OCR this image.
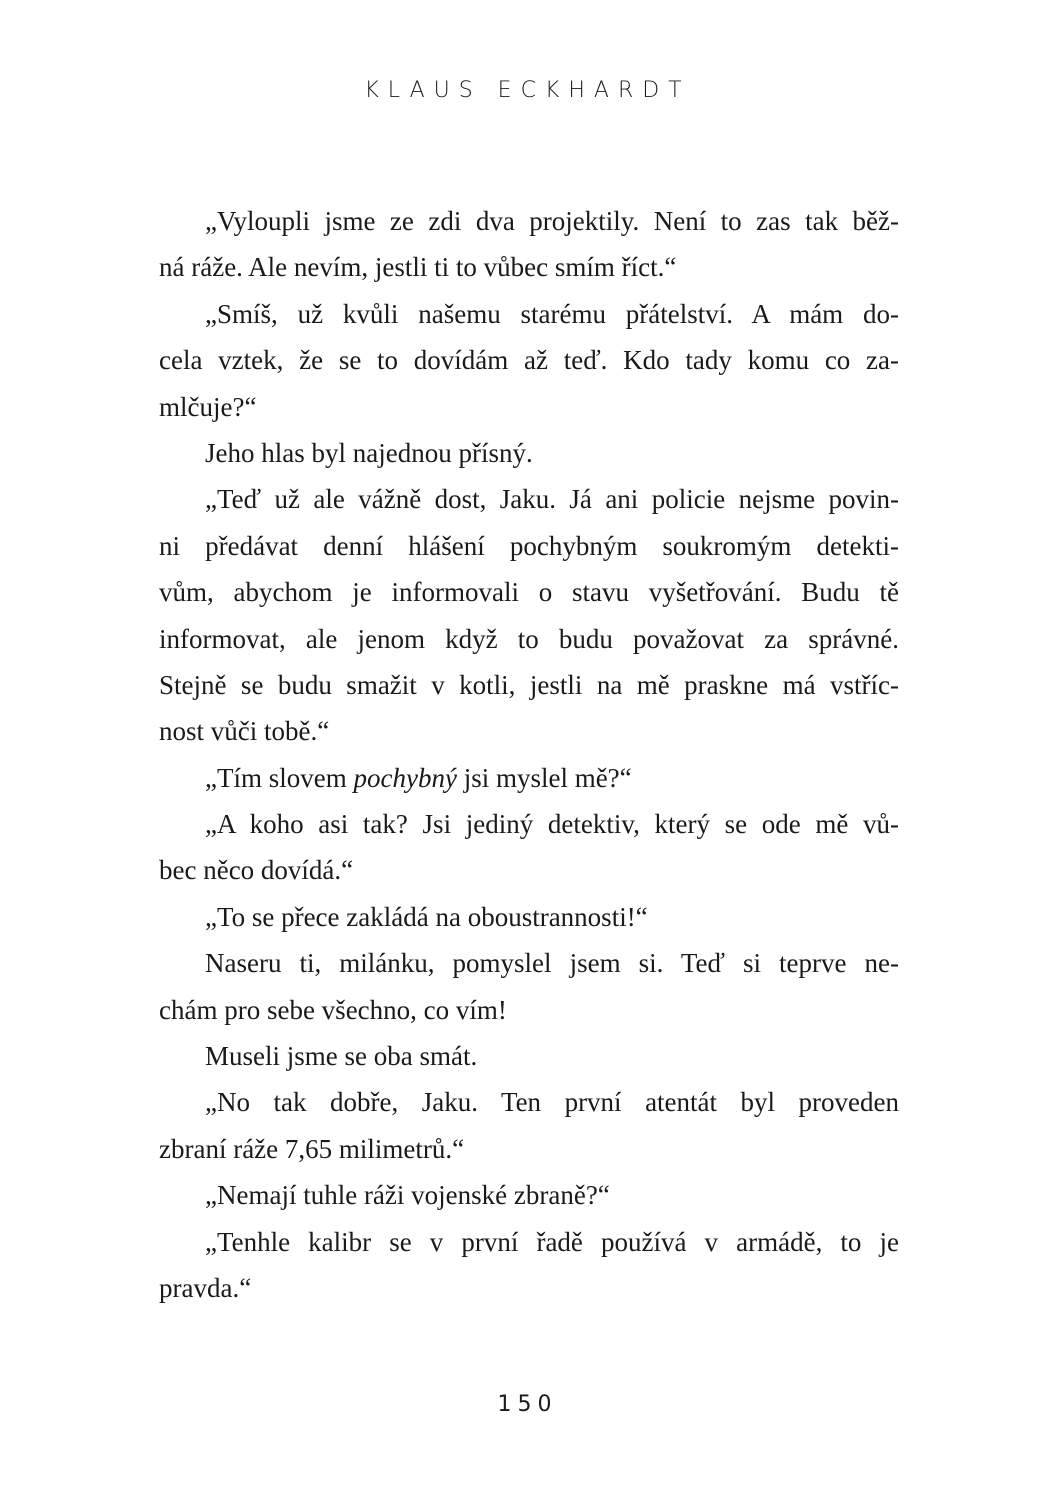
KLAUS ECKHARDT
„Vyloupli jsme ze zdi dva projektily. Není to zas tak běž-
ná ráže. Ale nevím, jestli ti to vůbec smím říct.“
„Smíš, už kvůli našemu starému přátelství. A mám do-
cela vztek, že se to dovídám až teď. Kdo tady komu co za-
mlčuje?“
Jeho hlas byl najednou přísný.
„Teď už ale vážně dost, Jaku. Já ani policie nejsme povin-
ni předávat denní hlášení pochybným soukromým detekti-
vům, abychom je informovali o stavu vyšetřování. Budu tě
informovat, ale jenom když to budu považovat za správné.
Stejně se budu smažit v kotli, jestli na mě praskne má vstříc-
nost vůči tobě.“
„Tím slovem pochybný jsi myslel mě?“
„A koho asi tak? Jsi jediný detektiv, který se ode mě vů-
bec něco dovídá.“
„To se přece zakládá na oboustrannosti!“
Naseru ti, milánku, pomyslel jsem si. Teď si teprve ne-
chám pro sebe všechno, co vím!
Museli jsme se oba smát.
„No tak dobře, Jaku. Ten první atentát byl proveden
zbraní ráže 7,65 milimetrů.“
„Nemají tuhle ráži vojenské zbraně?“
„Tenhle kalibr se v první řadě používá v armádě, to je
pravda.“
150
